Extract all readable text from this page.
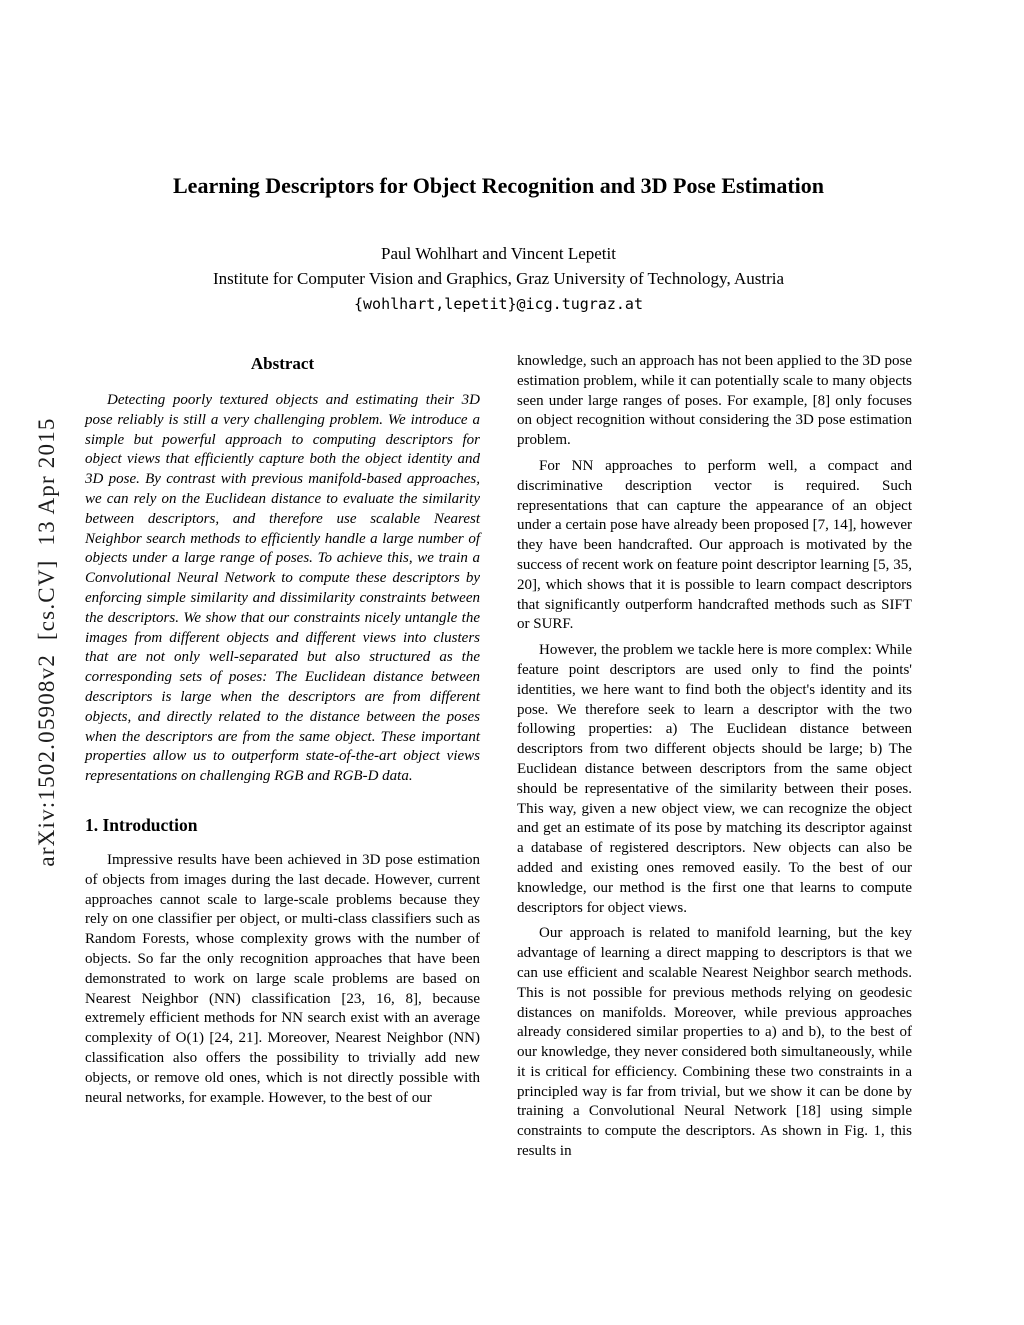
arXiv:1502.05908v2  [cs.CV]  13 Apr 2015
Learning Descriptors for Object Recognition and 3D Pose Estimation
Paul Wohlhart and Vincent Lepetit
Institute for Computer Vision and Graphics, Graz University of Technology, Austria
{wohlhart,lepetit}@icg.tugraz.at
Abstract

Detecting poorly textured objects and estimating their 3D pose reliably is still a very challenging problem. We introduce a simple but powerful approach to computing descriptors for object views that efficiently capture both the object identity and 3D pose. By contrast with previous manifold-based approaches, we can rely on the Euclidean distance to evaluate the similarity between descriptors, and therefore use scalable Nearest Neighbor search methods to efficiently handle a large number of objects under a large range of poses. To achieve this, we train a Convolutional Neural Network to compute these descriptors by enforcing simple similarity and dissimilarity constraints between the descriptors. We show that our constraints nicely untangle the images from different objects and different views into clusters that are not only well-separated but also structured as the corresponding sets of poses: The Euclidean distance between descriptors is large when the descriptors are from different objects, and directly related to the distance between the poses when the descriptors are from the same object. These important properties allow us to outperform state-of-the-art object views representations on challenging RGB and RGB-D data.

1. Introduction

Impressive results have been achieved in 3D pose estimation of objects from images during the last decade. However, current approaches cannot scale to large-scale problems because they rely on one classifier per object, or multi-class classifiers such as Random Forests, whose complexity grows with the number of objects. So far the only recognition approaches that have been demonstrated to work on large scale problems are based on Nearest Neighbor (NN) classification [23, 16, 8], because extremely efficient methods for NN search exist with an average complexity of O(1) [24, 21]. Moreover, Nearest Neighbor (NN) classification also offers the possibility to trivially add new objects, or remove old ones, which is not directly possible with neural networks, for example. However, to the best of our

knowledge, such an approach has not been applied to the 3D pose estimation problem, while it can potentially scale to many objects seen under large ranges of poses. For example, [8] only focuses on object recognition without considering the 3D pose estimation problem.

For NN approaches to perform well, a compact and discriminative description vector is required. Such representations that can capture the appearance of an object under a certain pose have already been proposed [7, 14], however they have been handcrafted. Our approach is motivated by the success of recent work on feature point descriptor learning [5, 35, 20], which shows that it is possible to learn compact descriptors that significantly outperform handcrafted methods such as SIFT or SURF.

However, the problem we tackle here is more complex: While feature point descriptors are used only to find the points' identities, we here want to find both the object's identity and its pose. We therefore seek to learn a descriptor with the two following properties: a) The Euclidean distance between descriptors from two different objects should be large; b) The Euclidean distance between descriptors from the same object should be representative of the similarity between their poses. This way, given a new object view, we can recognize the object and get an estimate of its pose by matching its descriptor against a database of registered descriptors. New objects can also be added and existing ones removed easily. To the best of our knowledge, our method is the first one that learns to compute descriptors for object views.

Our approach is related to manifold learning, but the key advantage of learning a direct mapping to descriptors is that we can use efficient and scalable Nearest Neighbor search methods. This is not possible for previous methods relying on geodesic distances on manifolds. Moreover, while previous approaches already considered similar properties to a) and b), to the best of our knowledge, they never considered both simultaneously, while it is critical for efficiency. Combining these two constraints in a principled way is far from trivial, but we show it can be done by training a Convolutional Neural Network [18] using simple constraints to compute the descriptors. As shown in Fig. 1, this results in
